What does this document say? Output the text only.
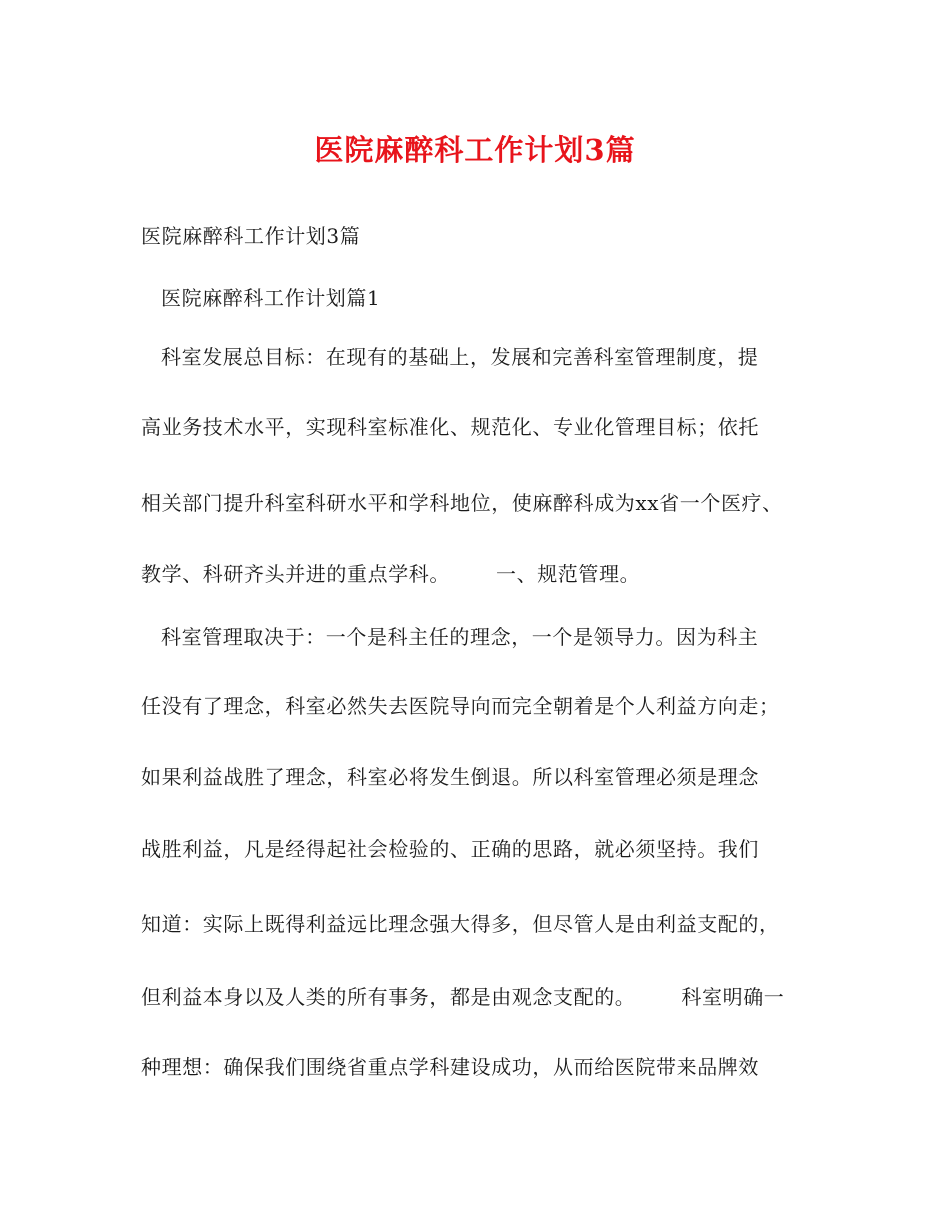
医院麻醉科工作计划3篇

医院麻醉科工作计划3篇

医院麻醉科工作计划篇1

科室发展总目标：在现有的基础上，发展和完善科室管理制度，提

高业务技术水平，实现科室标准化、规范化、专业化管理目标；依托

相关部门提升科室科研水平和学科地位，使麻醉科成为xx省一个医疗、

教学、科研齐头并进的重点学科。 一、规范管理。

科室管理取决于：一个是科主任的理念，一个是领导力。因为科主

任没有了理念，科室必然失去医院导向而完全朝着是个人利益方向走；

如果利益战胜了理念，科室必将发生倒退。所以科室管理必须是理念

战胜利益，凡是经得起社会检验的、正确的思路，就必须坚持。我们

知道：实际上既得利益远比理念强大得多，但尽管人是由利益支配的，

但利益本身以及人类的所有事务，都是由观念支配的。 科室明确一

种理想：确保我们围绕省重点学科建设成功，从而给医院带来品牌效
